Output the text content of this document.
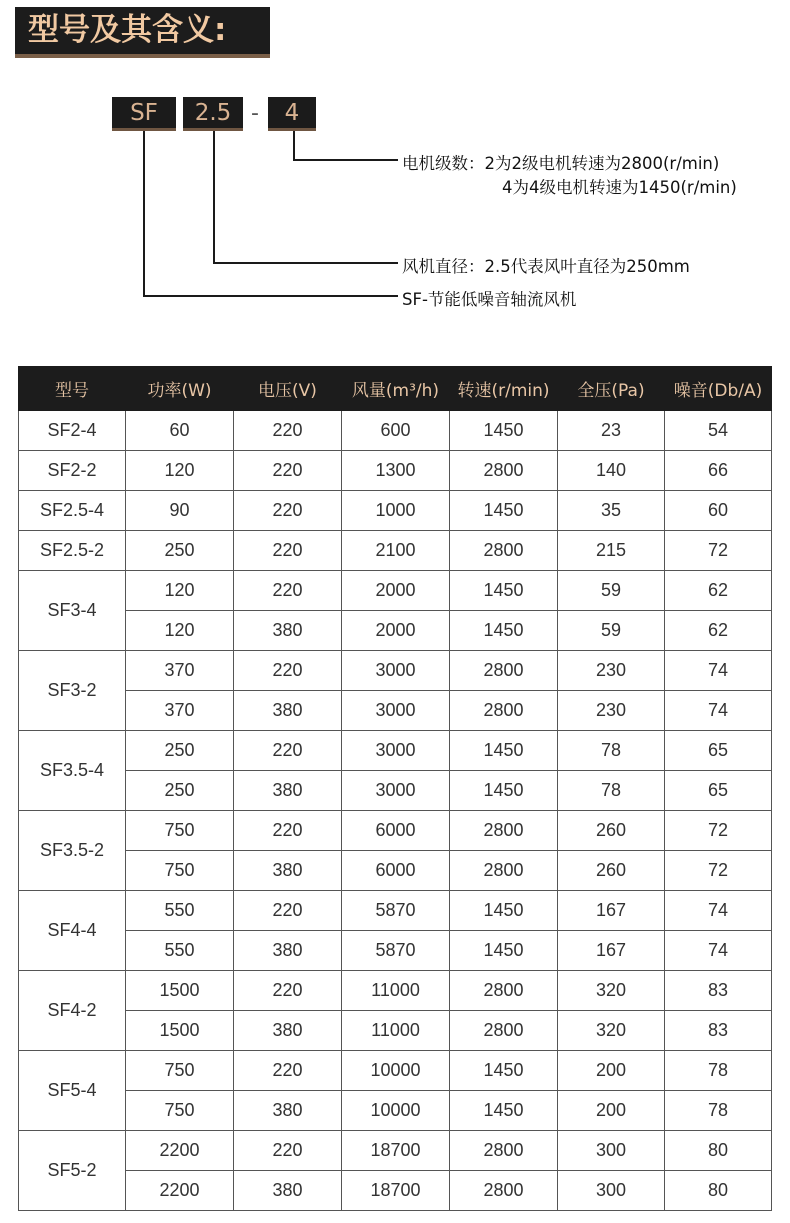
型号及其含义:
SF	2.5 -	4
电机级数：2为2级电机转速为2800(r/min)
4为4级电机转速为1450(r/min)
风机直径：2.5代表风叶直径为250mm
SF-节能低噪音轴流风机
型号	功率(W)	电压(V)	风量(m³/h)	转速(r/min)	全压(Pa)	噪音(Db/A)
SF2-4	60	220	600	1450	23	54
SF2-2	120	220	1300	2800	140	66
SF2.5-4	90	220	1000	1450	35	60
SF2.5-2	250	220	2100	2800	215	72
SF3-4	120	220	2000	1450	59	62
	120	380	2000	1450	59	62
SF3-2	370	220	3000	2800	230	74
	370	380	3000	2800	230	74
SF3.5-4	250	220	3000	1450	78	65
	250	380	3000	1450	78	65
SF3.5-2	750	220	6000	2800	260	72
	750	380	6000	2800	260	72
SF4-4	550	220	5870	1450	167	74
	550	380	5870	1450	167	74
SF4-2	1500	220	11000	2800	320	83
	1500	380	11000	2800	320	83
SF5-4	750	220	10000	1450	200	78
	750	380	10000	1450	200	78
SF5-2	2200	220	18700	2800	300	80
	2200	380	18700	2800	300	80
